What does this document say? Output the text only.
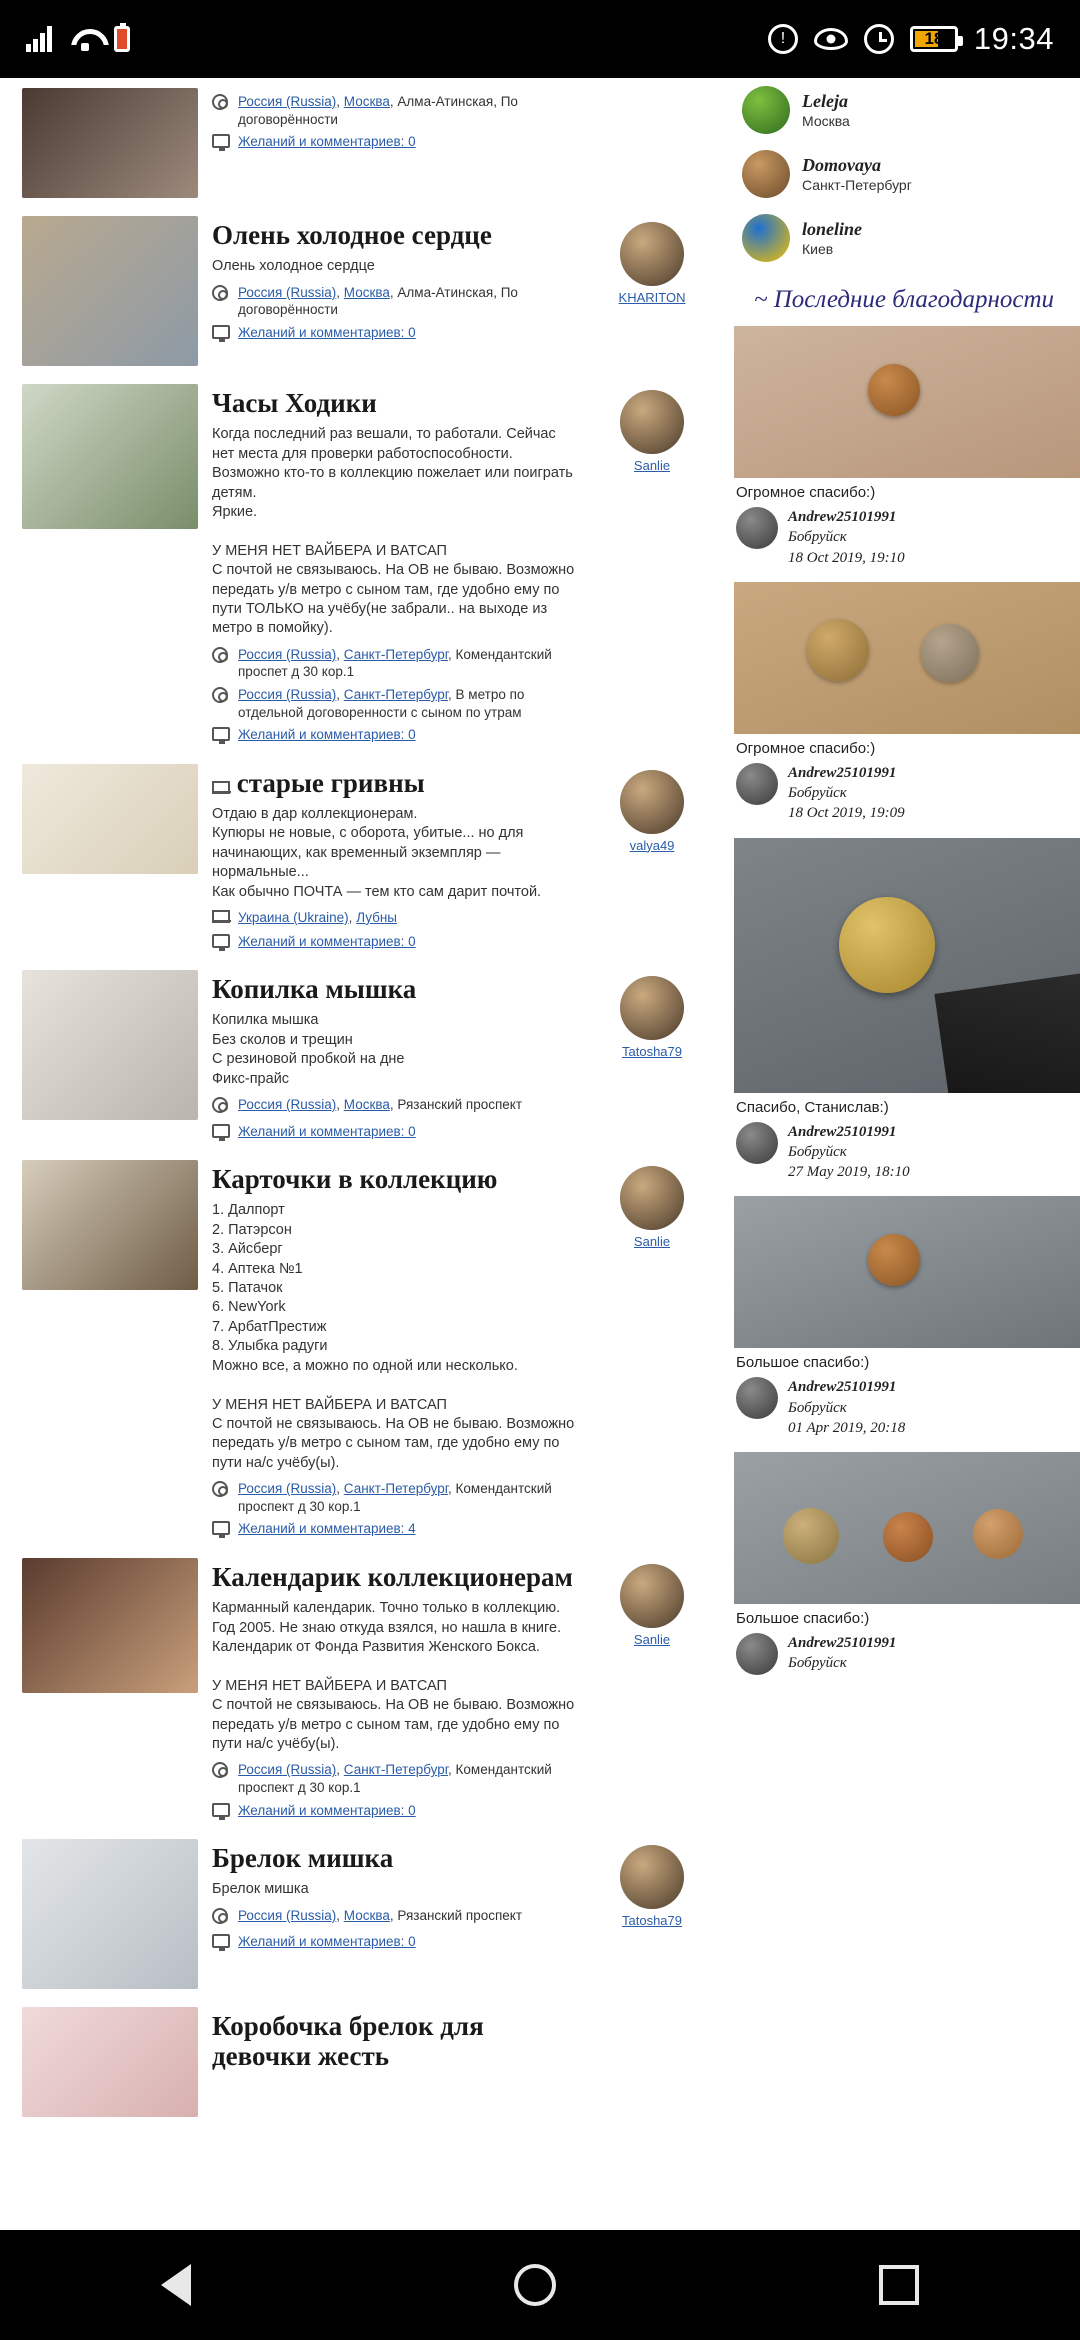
!	18 19:34
Россия (Russia), Москва, Алма-Атинская, По договорённости
Желаний и комментариев: 0
Олень холодное сердце
Олень холодное сердце
Россия (Russia), Москва, Алма-Атинская, По договорённости
Желаний и комментариев: 0
KHARITON
Часы Ходики
Когда последний раз вешали, то работали. Сейчас нет места для проверки работоспособности. Возможно кто-то в коллекцию пожелает или поиграть детям.
Яркие.

У МЕНЯ НЕТ ВАЙБЕРА И ВАТСАП
С почтой не связываюсь. На ОВ не бываю. Возможно передать у/в метро с сыном там, где удобно ему по пути ТОЛЬКО на учёбу(не забрали.. на выходе из метро в помойку).
Россия (Russia), Санкт-Петербург, Комендантский проспет д 30 кор.1
Россия (Russia), Санкт-Петербург, В метро по отдельной договоренности с сыном по утрам
Желаний и комментариев: 0
Sanlie
старые гривны
Отдаю в дар коллекционерам.
Купюры не новые, с оборота, убитые... но для начинающих, как временный экземпляр — нормальные...
Как обычно ПОЧТА — тем кто сам дарит почтой.
Украина (Ukraine), Лубны
Желаний и комментариев: 0
valya49
Копилка мышка
Копилка мышка
Без сколов и трещин
С резиновой пробкой на дне
Фикс-прайс
Россия (Russia), Москва, Рязанский проспект
Желаний и комментариев: 0
Tatosha79
Карточки в коллекцию
1. Далпорт
2. Патэрсон
3. Айсберг
4. Аптека №1
5. Патачок
6. NewYork
7. АрбатПрестиж
8. Улыбка радуги
Можно все, а можно по одной или несколько.

У МЕНЯ НЕТ ВАЙБЕРА И ВАТСАП
С почтой не связываюсь. На ОВ не бываю. Возможно передать у/в метро с сыном там, где удобно ему по пути на/с учёбу(ы).
Россия (Russia), Санкт-Петербург, Комендантский проспект д 30 кор.1
Желаний и комментариев: 4
Sanlie
Календарик коллекционерам
Карманный календарик. Точно только в коллекцию. Год 2005. Не знаю откуда взялся, но нашла в книге. Календарик от Фонда Развития Женского Бокса.

У МЕНЯ НЕТ ВАЙБЕРА И ВАТСАП
С почтой не связываюсь. На ОВ не бываю. Возможно передать у/в метро с сыном там, где удобно ему по пути на/с учёбу(ы).
Россия (Russia), Санкт-Петербург, Комендантский проспект д 30 кор.1
Желаний и комментариев: 0
Sanlie
Брелок мишка
Брелок мишка
Россия (Russia), Москва, Рязанский проспект
Желаний и комментариев: 0
Tatosha79
Коробочка брелок для девочки жесть
Leleja
Москва
Domovaya
Санкт-Петербург
loneline
Киев
~ Последние благодарности
Огромное спасибо:)
Andrew25101991
Бобруйск
18 Oct 2019, 19:10
Огромное спасибо:)
Andrew25101991
Бобруйск
18 Oct 2019, 19:09
Спасибо, Станислав:)
Andrew25101991
Бобруйск
27 May 2019, 18:10
Большое спасибо:)
Andrew25101991
Бобруйск
01 Apr 2019, 20:18
Большое спасибо:)
Andrew25101991
Бобруйск
